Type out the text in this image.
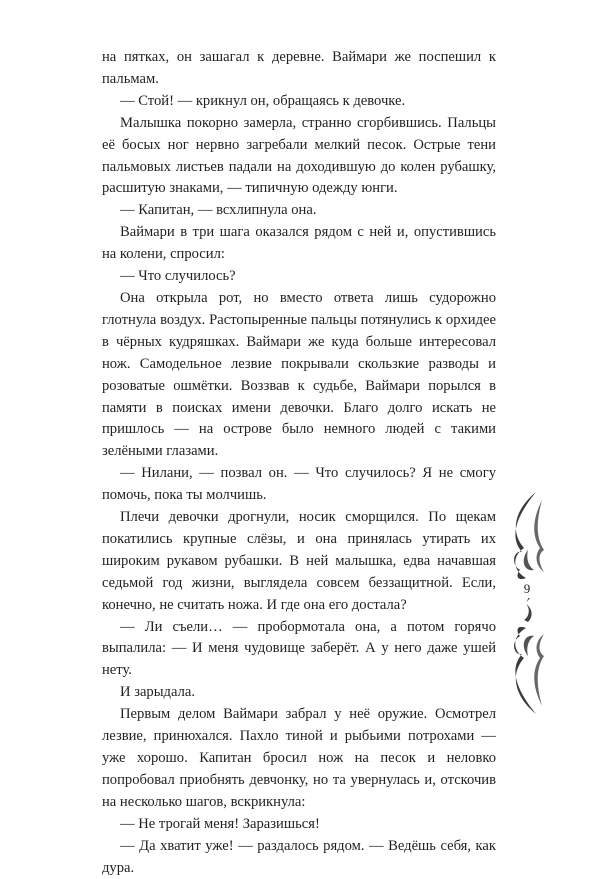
на пятках, он зашагал к деревне. Ваймари же поспешил к пальмам.

— Стой! — крикнул он, обращаясь к девочке.

Малышка покорно замерла, странно сгорбившись. Пальцы её босых ног нервно загребали мелкий песок. Острые тени пальмовых листьев падали на доходившую до колен рубашку, расшитую знаками, — типичную одежду юнги.

— Капитан, — всхлипнула она.

Ваймари в три шага оказался рядом с ней и, опустившись на колени, спросил:

— Что случилось?

Она открыла рот, но вместо ответа лишь судорожно глотнула воздух. Растопыренные пальцы потянулись к орхидее в чёрных кудряшках. Ваймари же куда больше интересовал нож. Самодельное лезвие покрывали скользкие разводы и розоватые ошмётки. Воззвав к судьбе, Ваймари порылся в памяти в поисках имени девочки. Благо долго искать не пришлось — на острове было немного людей с такими зелёными глазами.

— Нилани, — позвал он. — Что случилось? Я не смогу помочь, пока ты молчишь.

Плечи девочки дрогнули, носик сморщился. По щекам покатились крупные слёзы, и она принялась утирать их широким рукавом рубашки. В ней малышка, едва начавшая седьмой год жизни, выглядела совсем беззащитной. Если, конечно, не считать ножа. И где она его достала?

— Ли съели… — пробормотала она, а потом горячо выпалила: — И меня чудовище заберёт. А у него даже ушей нету.

И зарыдала.

Первым делом Ваймари забрал у неё оружие. Осмотрел лезвие, принюхался. Пахло тиной и рыбьими потрохами — уже хорошо. Капитан бросил нож на песок и неловко попробовал приобнять девчонку, но та увернулась и, отскочив на несколько шагов, вскрикнула:

— Не трогай меня! Заразишься!

— Да хватит уже! — раздалось рядом. — Ведёшь себя, как дура.

9
